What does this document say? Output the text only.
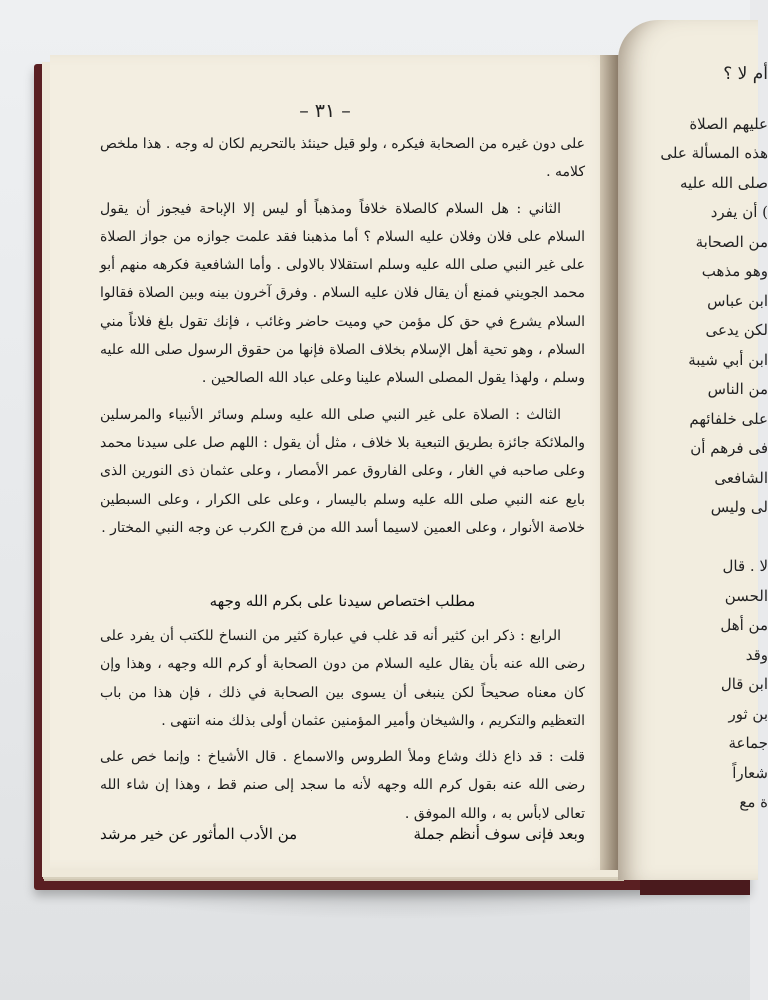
أم لا ؟
عليهم الصلاة
هذه المسألة على
صلى الله عليه
) أن يفرد
من الصحابة
وهو مذهب
ابن عباس
لكن يدعى
ابن أبي شيبة
من الناس
على خلفائهم
فى فرهم أن
الشافعى
لى وليس
لا . قال
الحسن
من أهل
وقد
ابن قال
بن ثور
جماعة
شعاراً
ة مع
– ٣١ –

على دون غيره من الصحابة فيكره ، ولو قيل حينئذ بالتحريم لكان له وجه . هذا ملخص كلامه .

الثاني : هل السلام كالصلاة خلافاً ومذهباً أو ليس إلا الإباحة فيجوز أن يقول السلام على فلان وفلان عليه السلام ؟ أما مذهبنا فقد علمت جوازه من جواز الصلاة على غير النبي صلى الله عليه وسلم استقلالا بالاولى . وأما الشافعية فكرهه منهم أبو محمد الجويني فمنع أن يقال فلان عليه السلام . وفرق آخرون بينه وبين الصلاة فقالوا السلام يشرع في حق كل مؤمن حي وميت حاضر وغائب ، فإنك تقول بلغ فلاناً مني السلام ، وهو تحية أهل الإسلام بخلاف الصلاة فإنها من حقوق الرسول صلى الله عليه وسلم ، ولهذا يقول المصلى السلام علينا وعلى عباد الله الصالحين .

الثالث : الصلاة على غير النبي صلى الله عليه وسلم وسائر الأنبياء والمرسلين والملائكة جائزة بطريق التبعية بلا خلاف ، مثل أن يقول : اللهم صل على سيدنا محمد وعلى صاحبه في الغار ، وعلى الفاروق عمر الأمصار ، وعلى عثمان ذى النورين الذى بايع عنه النبي صلى الله عليه وسلم باليسار ، وعلى على الكرار ، وعلى السبطين خلاصة الأنوار ، وعلى العمين لاسيما أسد الله من فرج الكرب عن وجه النبي المختار .

مطلب اختصاص سيدنا على بكرم الله وجهه

الرابع : ذكر ابن كثير أنه قد غلب في عبارة كثير من النساخ للكتب أن يفرد على رضى الله عنه بأن يقال عليه السلام من دون الصحابة أو كرم الله وجهه ، وهذا وإن كان معناه صحيحاً لكن ينبغى أن يسوى بين الصحابة في ذلك ، فإن هذا من باب التعظيم والتكريم ، والشيخان وأمير المؤمنين عثمان أولى بذلك منه انتهى .

قلت : قد ذاع ذلك وشاع وملأ الطروس والاسماع . قال الأشياخ : وإنما خص على رضى الله عنه بقول كرم الله وجهه لأنه ما سجد إلى صنم قط ، وهذا إن شاء الله تعالى لابأس به ، والله الموفق .

وبعد فإنى سوف أنظم جملة
من الأدب المأثور عن خير مرشد
